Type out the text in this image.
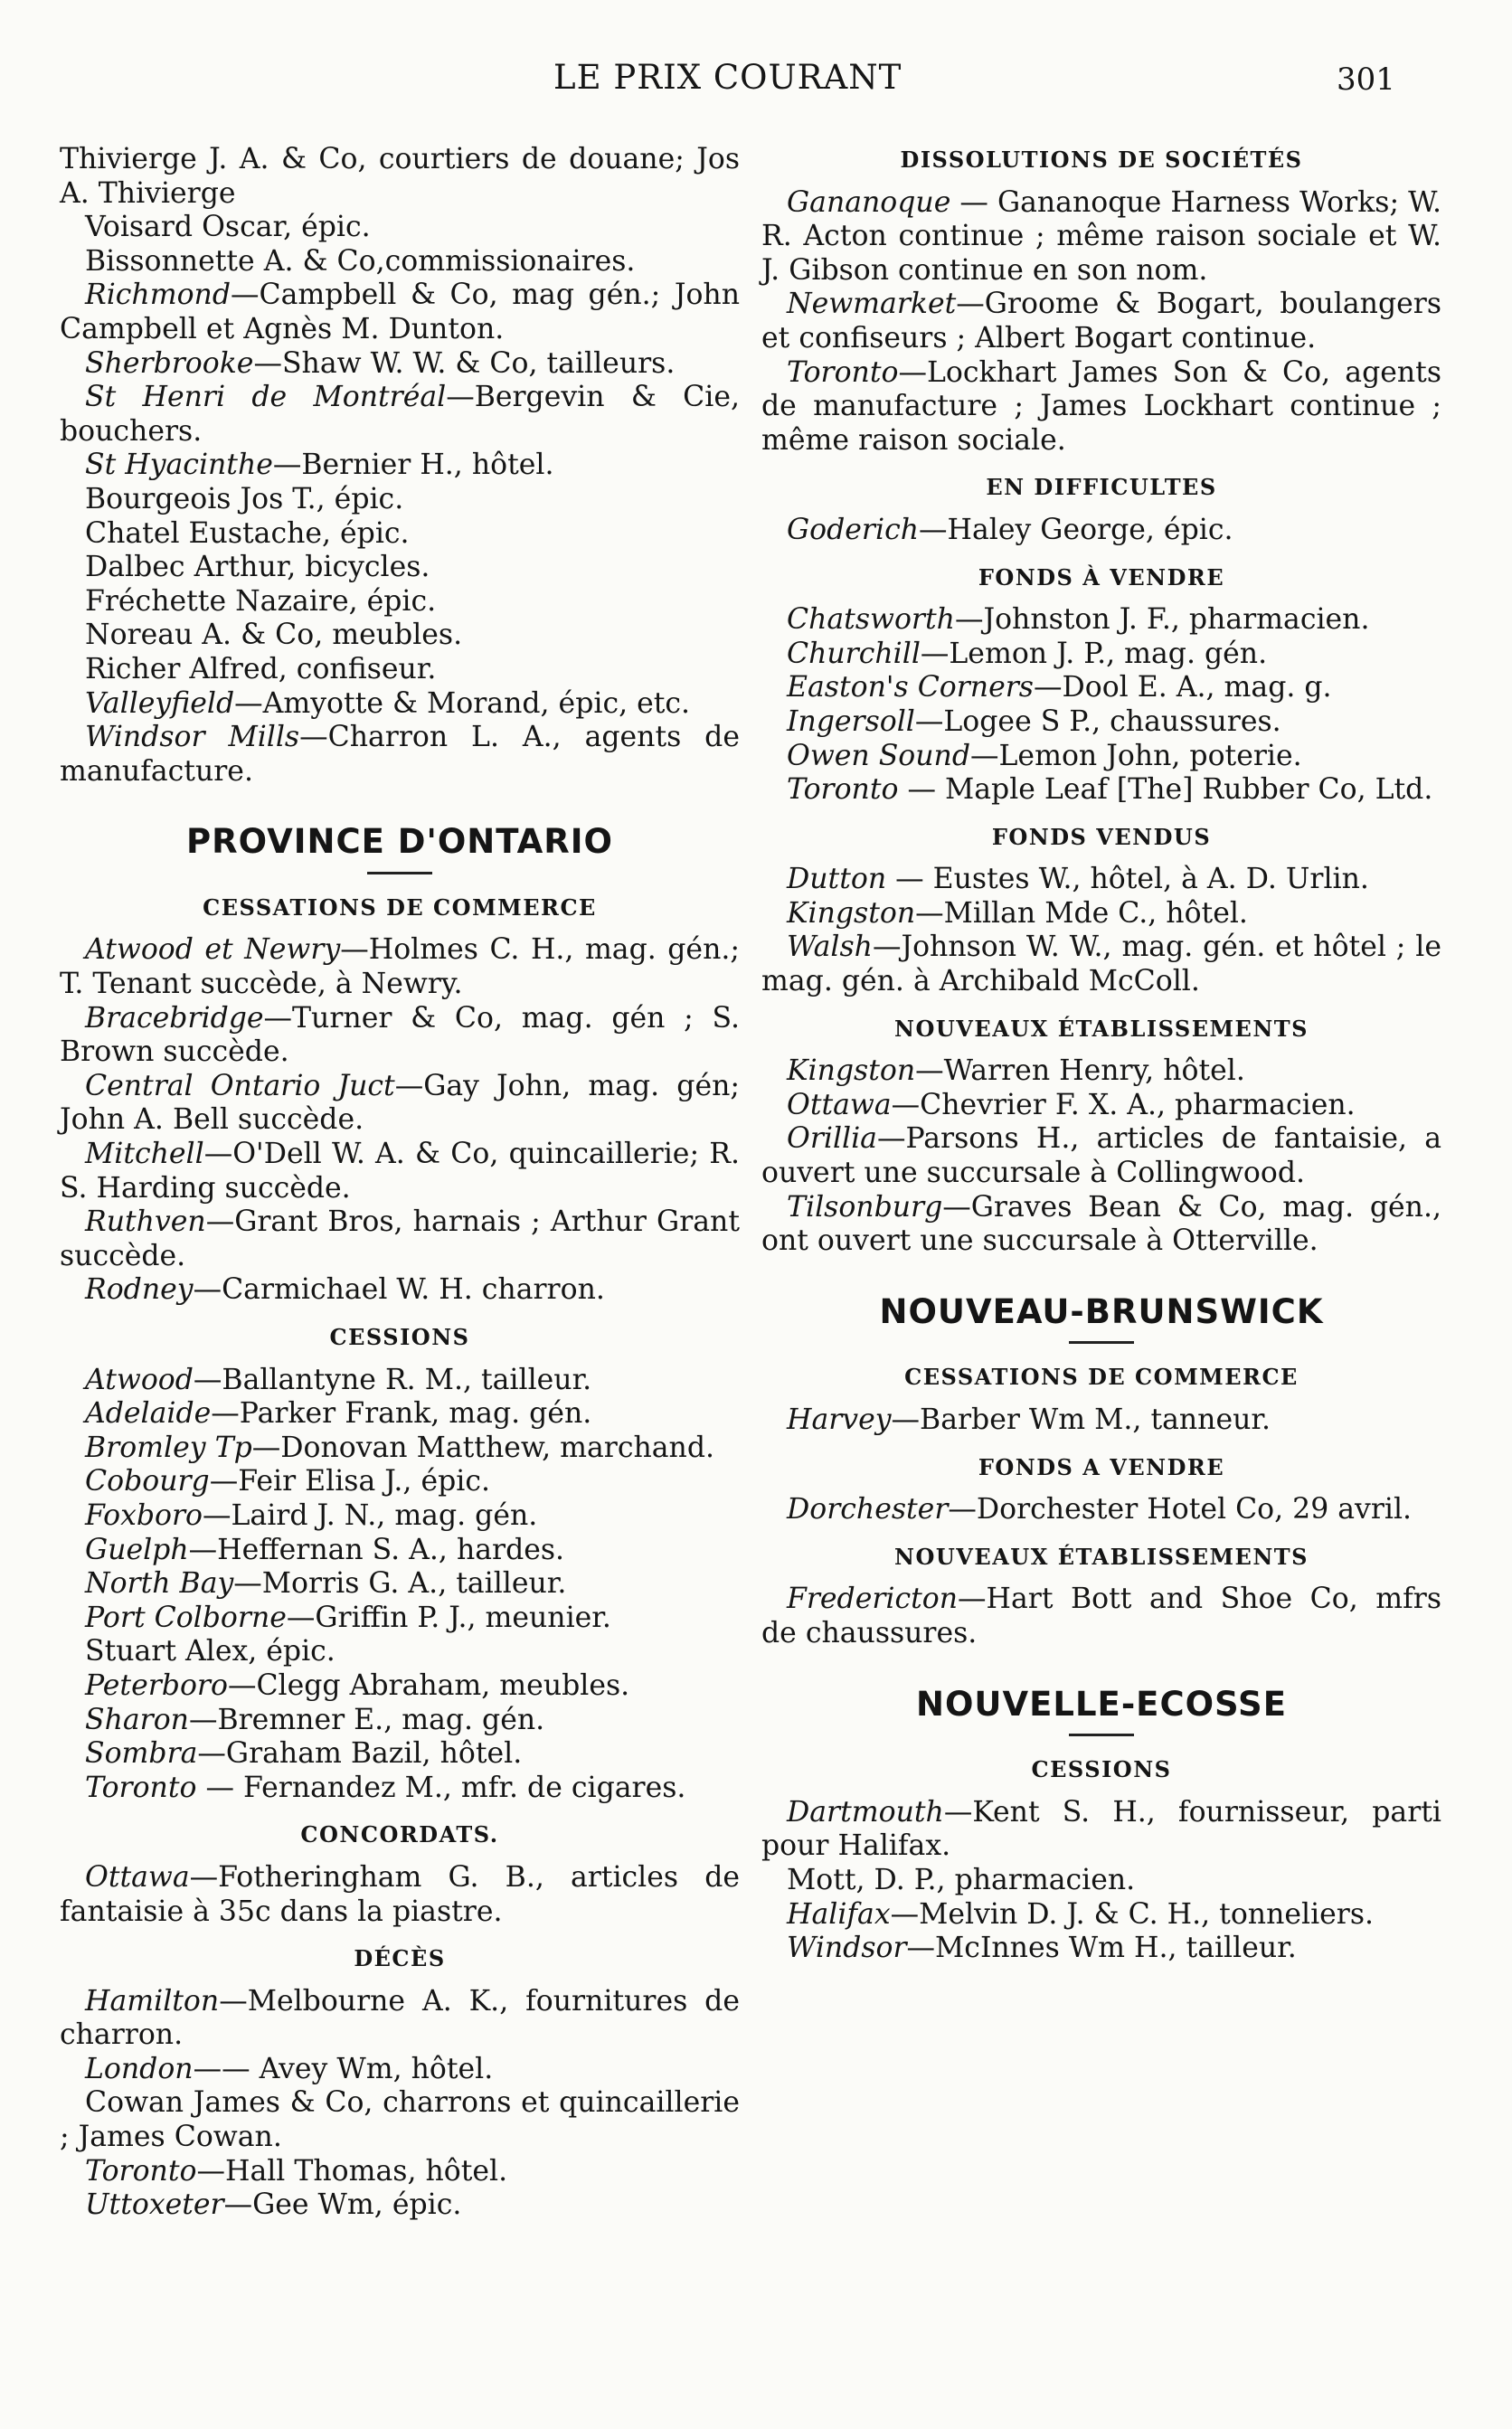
LE PRIX COURANT	301
Thivierge J. A. & Co, courtiers de douane; Jos A. Thivierge
Voisard Oscar, épic.
Bissonnette A. & Co,commissionaires.
Richmond—Campbell & Co, mag gén.; John Campbell et Agnès M. Dunton.
Sherbrooke—Shaw W. W. & Co, tailleurs.
St Henri de Montréal—Bergevin & Cie, bouchers.
St Hyacinthe—Bernier H., hôtel.
Bourgeois Jos T., épic.
Chatel Eustache, épic.
Dalbec Arthur, bicycles.
Fréchette Nazaire, épic.
Noreau A. & Co, meubles.
Richer Alfred, confiseur.
Valleyfield—Amyotte & Morand, épic, etc.
Windsor Mills—Charron L. A., agents de manufacture.
PROVINCE D'ONTARIO
CESSATIONS DE COMMERCE
Atwood et Newry—Holmes C. H., mag. gén.; T. Tenant succède, à Newry.
Bracebridge—Turner & Co, mag. gén ; S. Brown succède.
Central Ontario Juct—Gay John, mag. gén; John A. Bell succède.
Mitchell—O'Dell W. A. & Co, quincaillerie; R. S. Harding succède.
Ruthven—Grant Bros, harnais ; Arthur Grant succède.
Rodney—Carmichael W. H. charron.
CESSIONS
Atwood—Ballantyne R. M., tailleur.
Adelaide—Parker Frank, mag. gén.
Bromley Tp—Donovan Matthew, marchand.
Cobourg—Feir Elisa J., épic.
Foxboro—Laird J. N., mag. gén.
Guelph—Heffernan S. A., hardes.
North Bay—Morris G. A., tailleur.
Port Colborne—Griffin P. J., meunier.
Stuart Alex, épic.
Peterboro—Clegg Abraham, meubles.
Sharon—Bremner E., mag. gén.
Sombra—Graham Bazil, hôtel.
Toronto — Fernandez M., mfr. de cigares.
CONCORDATS.
Ottawa—Fotheringham G. B., articles de fantaisie à 35c dans la piastre.
DÉCÈS
Hamilton—Melbourne A. K., fournitures de charron.
London—— Avey Wm, hôtel.
Cowan James & Co, charrons et quincaillerie ; James Cowan.
Toronto—Hall Thomas, hôtel.
Uttoxeter—Gee Wm, épic.
DISSOLUTIONS DE SOCIÉTÉS
Gananoque — Gananoque Harness Works; W. R. Acton continue ; même raison sociale et W. J. Gibson continue en son nom.
Newmarket—Groome & Bogart, boulangers et confiseurs ; Albert Bogart continue.
Toronto—Lockhart James Son & Co, agents de manufacture ; James Lockhart continue ; même raison sociale.
EN DIFFICULTES
Goderich—Haley George, épic.
FONDS À VENDRE
Chatsworth—Johnston J. F., pharmacien.
Churchill—Lemon J. P., mag. gén.
Easton's Corners—Dool E. A., mag. g.
Ingersoll—Logee S P., chaussures.
Owen Sound—Lemon John, poterie.
Toronto — Maple Leaf [The] Rubber Co, Ltd.
FONDS VENDUS
Dutton — Eustes W., hôtel, à A. D. Urlin.
Kingston—Millan Mde C., hôtel.
Walsh—Johnson W. W., mag. gén. et hôtel ; le mag. gén. à Archibald McColl.
NOUVEAUX ÉTABLISSEMENTS
Kingston—Warren Henry, hôtel.
Ottawa—Chevrier F. X. A., pharmacien.
Orillia—Parsons H., articles de fantaisie, a ouvert une succursale à Collingwood.
Tilsonburg—Graves Bean & Co, mag. gén., ont ouvert une succursale à Otterville.
NOUVEAU-BRUNSWICK
CESSATIONS DE COMMERCE
Harvey—Barber Wm M., tanneur.
FONDS A VENDRE
Dorchester—Dorchester Hotel Co, 29 avril.
NOUVEAUX ÉTABLISSEMENTS
Fredericton—Hart Bott and Shoe Co, mfrs de chaussures.
NOUVELLE-ECOSSE
CESSIONS
Dartmouth—Kent S. H., fournisseur, parti pour Halifax.
Mott, D. P., pharmacien.
Halifax—Melvin D. J. & C. H., tonneliers.
Windsor—McInnes Wm H., tailleur.
